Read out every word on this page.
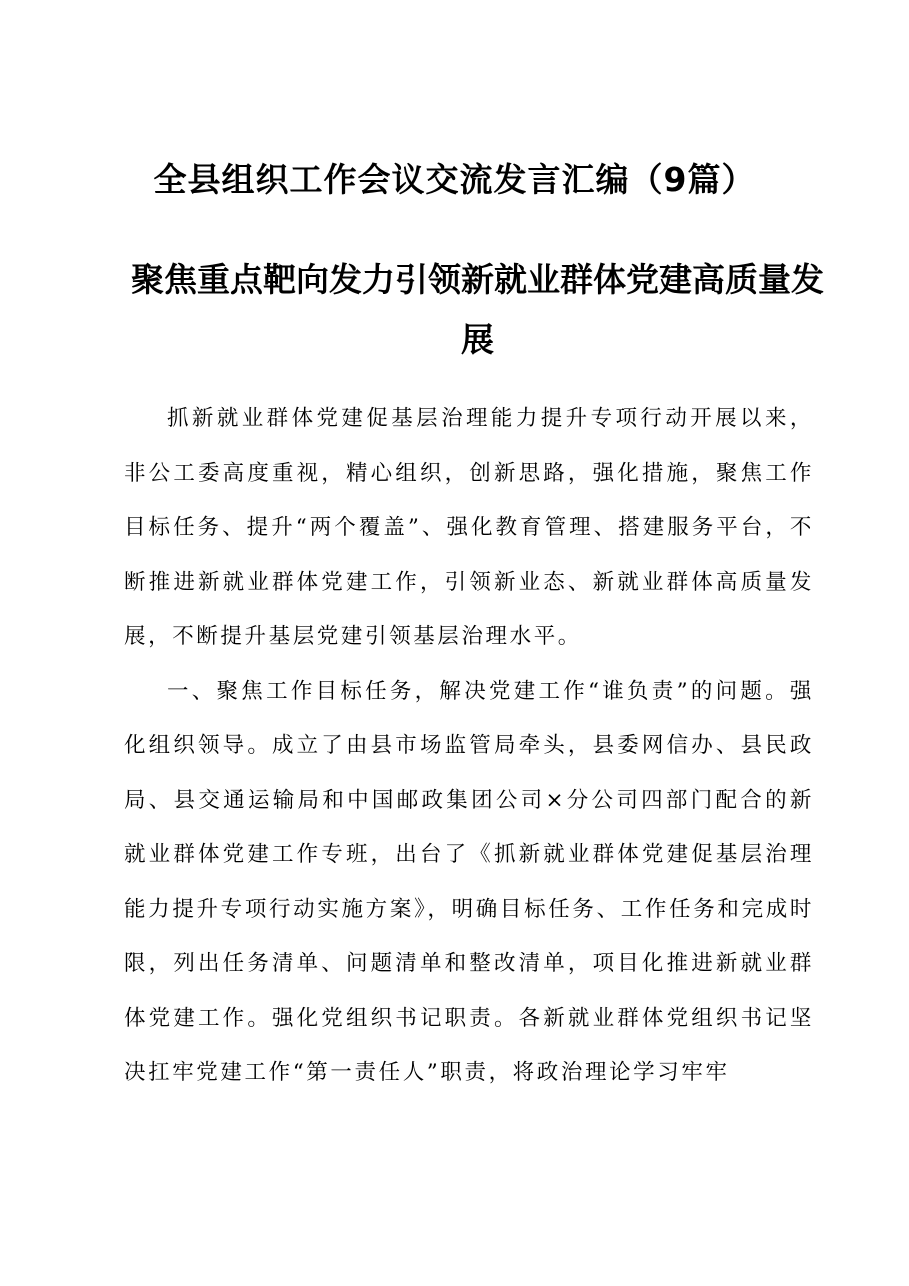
全县组织工作会议交流发言汇编（9篇）
聚焦重点靶向发力引领新就业群体党建高质量发展

抓新就业群体党建促基层治理能力提升专项行动开展以来，非公工委高度重视，精心组织，创新思路，强化措施，聚焦工作目标任务、提升“两个覆盖”、强化教育管理、搭建服务平台，不断推进新就业群体党建工作，引领新业态、新就业群体高质量发展，不断提升基层党建引领基层治理水平。

一、聚焦工作目标任务，解决党建工作“谁负责”的问题。强化组织领导。成立了由县市场监管局牵头，县委网信办、县民政局、县交通运输局和中国邮政集团公司×分公司四部门配合的新就业群体党建工作专班，出台了《抓新就业群体党建促基层治理能力提升专项行动实施方案》，明确目标任务、工作任务和完成时限，列出任务清单、问题清单和整改清单，项目化推进新就业群体党建工作。强化党组织书记职责。各新就业群体党组织书记坚决扛牢党建工作“第一责任人”职责，将政治理论学习牢牢
